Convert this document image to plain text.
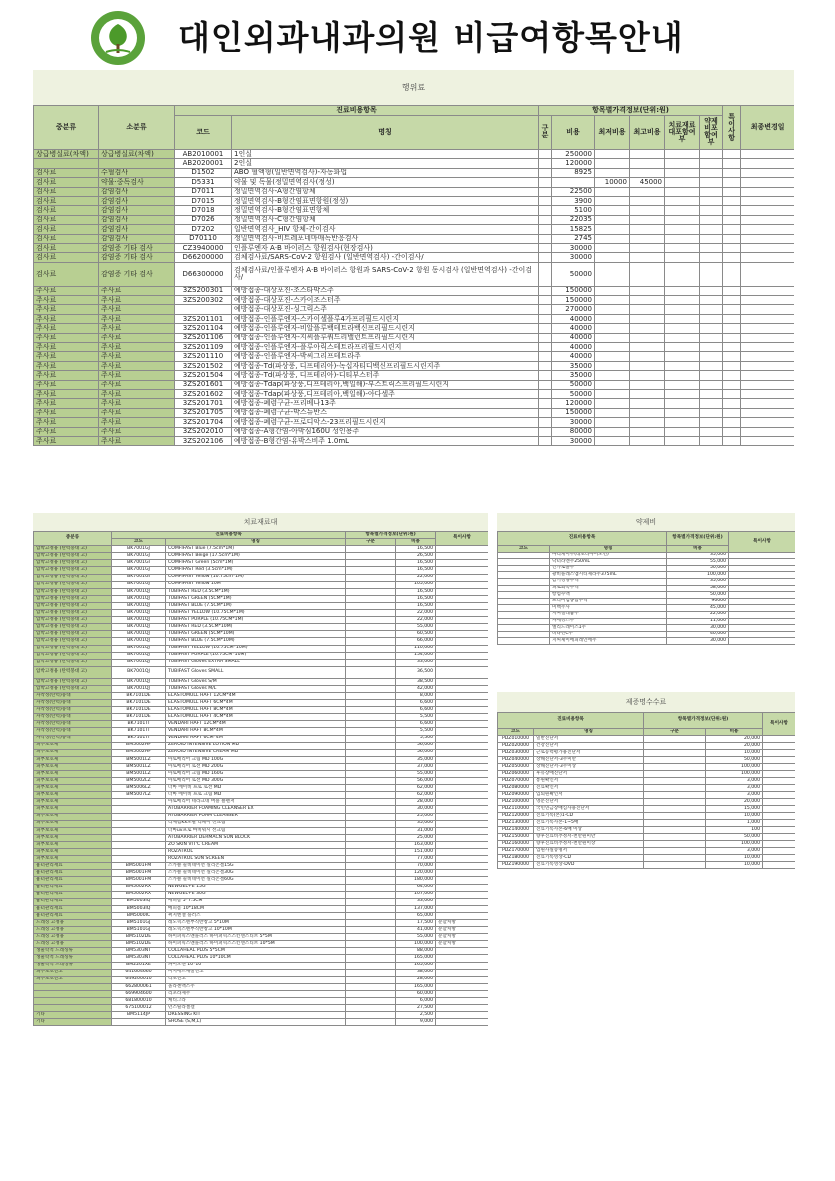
대인외과내과의원 비급여항목안내
행위료
중분류	소분류	진료비용항목		항목별가격정보(단위:원)						특이사항	최종변경일
		코드	명칭	구분	비용	최저비용	최고비용	치료재료대포함여부	약제비포함여부		
상급병실료(차액)	상급병실료(차액)	AB2010001	1인실		250000						
		AB2020001	2인실		120000						
검사료	수혈검사	D1502	ABO 혈액형(일반면역검사)-자동화법		8925						
검사료	약물·중독검사	D5331	약물 및 독물(정밀면역검사(정성)			10000	45000				
검사료	감염검사	D7011	정밀면역검사-A형간염항체		22500						
검사료	감염검사	D7015	정밀면역검사-B형간염표면항원(정성)		3900						
검사료	감염검사	D7018	정밀면역검사-B형간염표면항체		5100						
검사료	감염검사	D7026	정밀면역검사-C형간염항체		22035						
검사료	감염검사	D7202	일반면역검사_HIV 항체-간이검사		15825						
검사료	감염검사	D70110	정밀면역검사-비트레포네마매독반응검사		2745						
검사료	감염증 기타 검사	CZ3940000	인플루엔자 A·B 바이러스 항원검사(현장검사)		30000						
검사료	감염증 기타 검사	D66200000	검체검사료/SARS-CoV-2 항원검사 (일반면역검사) -간이검사/		30000						
검사료	감염증 기타 검사	D66300000	검체검사료/인플루엔자 A·B 바이러스 항원과 SARS-CoV-2 항원 동시검사 (일반면역검사) -간이검사/		50000						
주사료	주사료	3ZS200301	예방접종-대상포진-조스타박스주		150000						
주사료	주사료	3ZS200302	예방접종-대상포진-스카이조스터주		150000						
주사료	주사료		예방접종-대상포진-싱그릭스주		270000						
주사료	주사료	3ZS201101	예방접종-인플루엔자-스카이셀플루4가프리필드시린지		40000						
주사료	주사료	3ZS201104	예방접종-인플루엔자-비알플루백테트라백신프리필드시린지		40000						
주사료	주사료	3ZS201106	예방접종-인플루엔자-지씨플루쿼드리밸런트프리필드시린지		40000						
주사료	주사료	3ZS201109	예방접종-인플루엔자-플루아릭스테트라프리필드시린지		40000						
주사료	주사료	3ZS201110	예방접종-인플루엔자-박씨그리프테트라주		40000						
주사료	주사료	3ZS201502	예방접종-Td(파상풍, 디프테리아)-녹십자티디백신프리필드시린지주		35000						
주사료	주사료	3ZS201504	예방접종-Td(파상풍, 디프테리아)-디티부스터주		35000						
주사료	주사료	3ZS201601	예방접종-Tdap(파상풍,디프테리아,백일해)-부스트릭스프리필드시린지		50000						
주사료	주사료	3ZS201602	예방접종-Tdap(파상풍,디프테리아,백일해)-아다셀주		50000						
주사료	주사료	3ZS201701	예방접종-폐렴구균-프리베나13주		120000						
주사료	주사료	3ZS201705	예방접종-폐렴구균-박스뉴반스		150000						
주사료	주사료	3ZS201704	예방접종-폐렴구균-프로디악스-23프리필드시린지		30000						
주사료	주사료	3ZS202010	예방접종-A형간염-아박심160U 성인용주		80000						
주사료	주사료	3ZS202106	예방접종-B형간염-유박스비주 1.0mL		30000						
치료재료대
중분류	진료비용항목		항목별가격정보(단위:원)		특이사항
	코드	명칭	구분	비용	
압박고정용 (탄력붕대 고)	BK7001GJ	COMFIFAST Blue (7.5cm*1M)		16,500	
압박고정용 (탄력붕대 고)	BK7001GJ	COMFIFAST Beige (17.5cm*1M)		26,500	
압박고정용 (탄력붕대 고)	BK7001GI	COMFIFAST Green (5cm*1M)		16,500	
압박고정용 (탄력붕대 고)	BK7001GJ	COMFIFAST Red (3.5cm*1M)		16,500	
압박고정용 (탄력붕대 고)	BK7001GI	COMFIFAST Yellow (10.75cm*1M)		22,000	
압박고정용 (탄력붕대 고)	BK7001GJ	COMFIFAST Yellow 10M		105,000	
압박고정용 (탄력붕대 고)	BK7001QJ	TUBIFAST RED (3.5CM*1M)		16,500	
압박고정용 (탄력붕대 고)	BK7001QJ	TUBIFAST GREEN (5CM*1M)		16,500	
압박고정용 (탄력붕대 고)	BK7001QJ	TUBIFAST BLUE (7.5CM*1M)		16,500	
압박고정용 (탄력붕대 고)	BK7001QJ	TUBIFAST YELLOW (10.75CM*1M)		22,000	
압박고정용 (탄력붕대 고)	BK7001QJ	TUBIFAST PURPLE (10.75CM*1M)		22,000	
압박고정용 (탄력붕대 고)	BK7001QJ	TUBIFAST RED (3.5CM*10M)		55,000	
압박고정용 (탄력붕대 고)	BK7001QJ	TUBIFAST GREEN (5CM*10M)		60,500	
압박고정용 (탄력붕대 고)	BK7001QJ	TUBIFAST BLUE (7.5CM*10M)		66,000	
압박고정용 (탄력붕대 고)	BK7001QJ	TUBIFAST YELLOW (10.75CM*10M)		110,000	
압박고정용 (탄력붕대 고)	BK7001QJ	TUBIFAST PURPLE (10.75CM*10M)		154,000	
압박고정용 (탄력붕대 고)	BK7001QJ	TUBIFAST Gloves EXTRA SMALL		33,000	
압박고정용 (탄력붕대 고)	BK7001QJ	TUBIFAST Gloves SMALL		36,500	
압박고정용 (탄력붕대 고)	BK7001QJ	TUBIFAST Gloves S/M		38,500	
압박고정용 (탄력붕대 고)	BK7001QJ	TUBIFAST Gloves M/L		42,000	
자착성(탄력)붕대	BK7101DE	ELASTOMULL HAFT 12CM*4M		8,000	
자착성(탄력)붕대	BK7101DE	ELASTOMULL HAFT 6CM*4M		6,600	
자착성(탄력)붕대	BK7101DE	ELASTOMULL HAFT 8CM*4M		6,600	
자착성(탄력)붕대	BK7101DE	ELASTOMULL HAFT 4CM*4M		5,500	
자착성(탄력)붕대	BK7101TI	VENDARI HAFT 12CM*4M		6,600	
자착성(탄력)붕대	BK7101TI	VENDARI HAFT 8CM*4M		5,500	
자착성(탄력)붕대	BK7101TI	VENDARI HAFT 6CM*4M		5,500	
피부보호제	BM5002HF	ZEROID INTENSIVE LOTION MD		56,000	
피부보호제	BM5002HF	ZEROID INTENSIVE CREAM MD		56,000	
피부보호제	BM5001LZ	아토베리어 크림 MD 100G		35,000	
피부보호제	BM5001LZ	아토베리어 로션 MD 200G		37,000	
피부보호제	BM5001LZ	아토베리어 크림 MD 160G		55,000	
피부보호제	BM5002LZ	아토베리어 로션 MD 300G		56,000	
피부보호제	BM5006LZ	더마 에이비 프로 로션 MD		62,000	
피부보호제	BM5007LZ	더마 에이비 프로 크림 MD		62,000	
피부보호제		아토베리어 테라크네 버블 클렌저		28,000	
피부보호제		ATOBARRIER FOAMING CLEANSER EX		30,000	
피부보호제		ATOBARRIER FOAM CLEANSER		25,000	
피부보호제		리제덤Kx도필 리페어 선크림		35,000	
피부보호제		더마uv프로 마치워시 선크림		31,000	
피부보호제		ATOBARRIER DERMACN SUN BLOCK		25,000	
피부보호제		ZO SKIN VIT'C CREAM		163,000	
피부보호제		ROZATROL		151,000	
피부보호제		ROZATROL SUN SCREEN		77,000	
흉터관리재료	BM5001FM	스카클 콜비네이션 실리콘겔15G		70,000	
흉터관리재료	BM5001FM	스카클 콜비네이션 실리콘겔30G		120,000	
흉터관리재료	BM5001FM	스카클 콜비네이션 실리콘겔60G		180,000	
흉터관리재료	BM5002RX	NEWGEL+E 15G		64,000	
흉터관리재료	BM5002RX	NEWGEL+E 30G		107,000	
흉터관리재료	BM5003IQ	메피폼 5*7.5CM		33,000	
흉터관리재료	BM5003IQ	메피폼 10*18CM		137,000	
흉터관리재료	BM5000IC	써지엔젤 플러스		65,000	
드레싱 고정용	BM5101GJ	레노픽스멘부직반창고 5*10M		17,500	분할처방
드레싱 고정용	BM5101GJ	레노픽스멘부직반창고 10*10M		41,000	분할처방
드레싱 고정용	BM5102DE	하이퍼픽스멘플러스 하이퍼픽스스킨센스티브 5*5M		55,000	분할처방
드레싱 고정용	BM5102DE	하이퍼픽스멘플러스 하이퍼픽스스킨센스티브 10*5M		100,000	분할처방
생물학적 드레싱류	BM5303NT	COLLAHEAL PLUS 5*5CM		88,000	
생물학적 드레싱류	BM5303NT	COLLAHEAL PLUS 10*10CM		165,000	
생물학적 드레싱류	BM2201XE	파이오젠 10*10		165,000	
피부보호연고	641604660	미지에르새살연고		38,000	
피부보호연고	649200010	리보연고		28,000	
	662800061	올라센맥스주		165,000	
	669904600	리포라제주		60,000	
	681800010	케티그라		6,000	
	675100012	던스틸라젤겔		27,500	
기타	BM5114JP	DRESSING KIT		2,500	
기타		SHOSE (S,M,L)		9,000	
약제비
진료비용항목		항목별가격정보(단위:원)	특이사항
코드	명칭	비용	
	마리케이주(레보티아이노민)	35,000	
	닥터라엔주250mL	55,000	
	인카로올주	50,000	
	광비플레스엠시티제라주375mL	100,000	
	감기영양수액	35,000	
	피로회복수액	58,000	
	항염수액	50,000	
	프리미엄종합수액	90000	
	미백주사	45,000	
	지씨셀레늄주	22,000	
	자세킹스주	11,000	
	엘리드레이스1주	30,000	
	비타민C주	40,000	
	지씨제이에피레인에주	30,000	
제증명수수료
진료비용항목		항목별가격정보(단위:원)		특이사항
코드	명칭	구분	비용	
PDZ010000	일반진단서		20,000	
PDZ020000	건강진단서		20,000	
PDZ030000	근로능력평가용진단서		10,000	
PDZ040000	상해진단서-3주미만		50,000	
PDZ050000	상해진단서-3주이상		100,000	
PDZ060000	후유장애진단서		100,000	
PDZ070000	통원확인서		3,000	
PDZ080000	진료확인서		3,000	
PDZ090000	입퇴원확인서		3,000	
PDZ100000	영문진단서		20,000	
PDZ110000	국민연금장애심사용진단서		15,000	
PDZ120000	진료기록(본)1-CD		10,000	
PDZ130000	진료기록사본-1~5매		1,000	
PDZ140000	진료기록사본-6매 이상		100	
PDZ150000	향후진료비추정서-천만원미만		50,000	
PDZ160000	향후진료비추정서-천만원이상		100,000	
PDZ170000	입원사실증명서		3,000	
PDZ180000	진료기록영상-CD		10,000	
PDZ190000	진료기록영상-DVD		10,000	
